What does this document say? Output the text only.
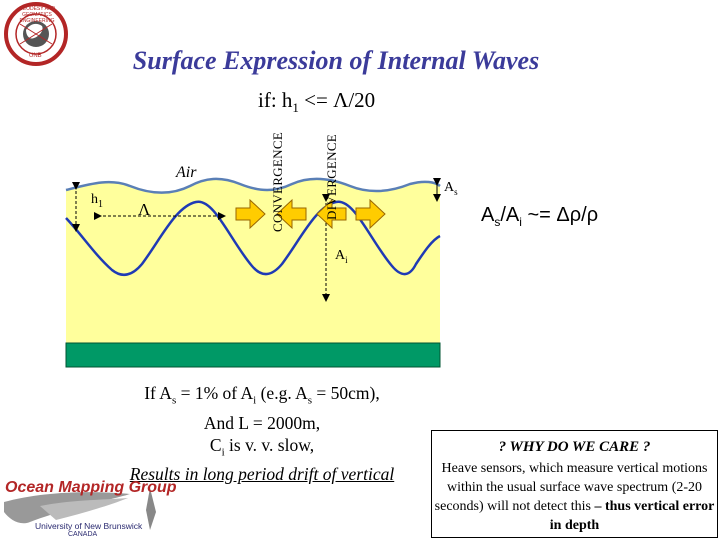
GEODESY AND GEOMATICS ENGINEERING
UNB	Surface Expression of Internal Waves
if: $h_1 <= \Lambda/20$
Air
$h_1$ Λ	CONVERGENCE	DIVERGENCE	$A_s$
$A_i$
$A_s/A_i$ ~= Δρ/ρ
If $A_s = 1\%$ of $A_i$ (e.g. $A_s = 50cm$),
And L = 2000m,
$C_i$ is v. v. slow,
Results in long period drift of vertical
? WHY DO WE CARE ?
Heave sensors, which measure vertical motions within the usual surface wave spectrum (2-20 seconds) will not detect this – thus vertical error in depth
Ocean Mapping Group
University of New Brunswick
CANADA
